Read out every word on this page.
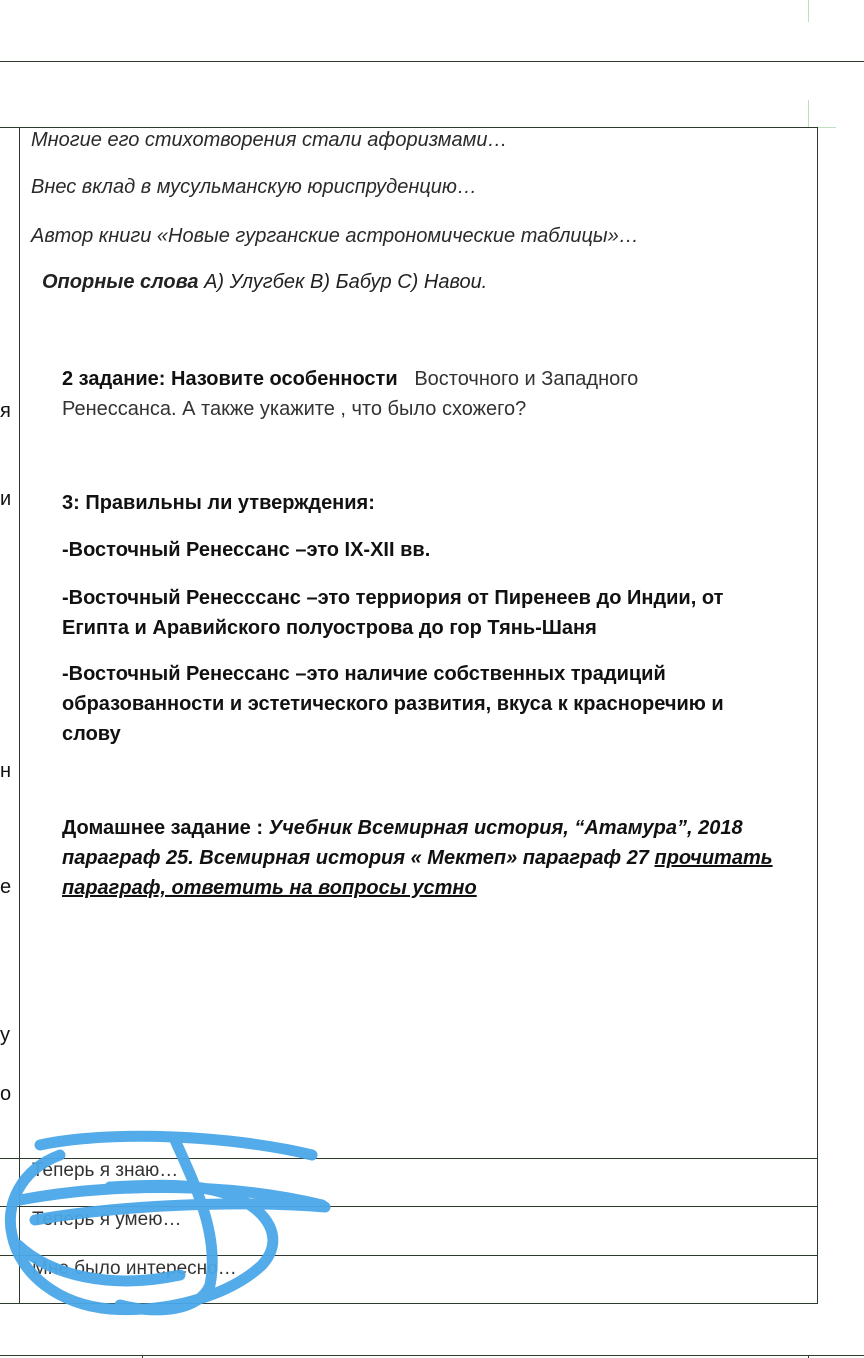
Многие его стихотворения стали афоризмами…
Внес вклад в мусульманскую юриспруденцию…
Автор книги «Новые гурганские астрономические таблицы»…
Опорные слова А) Улугбек В) Бабур С) Навои.
2 задание: Назовите особенности Восточного и Западного
Ренессанса. А также укажите , что было схожего?
3: Правильны ли утверждения:
-Восточный Ренессанс –это IX-XII вв.
-Восточный Ренесссанс –это терриория от Пиренеев до Индии, от
Египта и Аравийского полуострова до гор Тянь-Шаня
-Восточный Ренессанс –это наличие собственных традиций
образованности и эстетического развития, вкуса к красноречию и
слову
Домашнее задание : Учебник Всемирная история, “Атамура”, 2018
параграф 25. Всемирная история « Мектеп» параграф 27 прочитать
параграф, ответить на вопросы устно
я
и
н
е
у
о
Теперь я знаю…
Теперь я умею…
Мне было интересно…
